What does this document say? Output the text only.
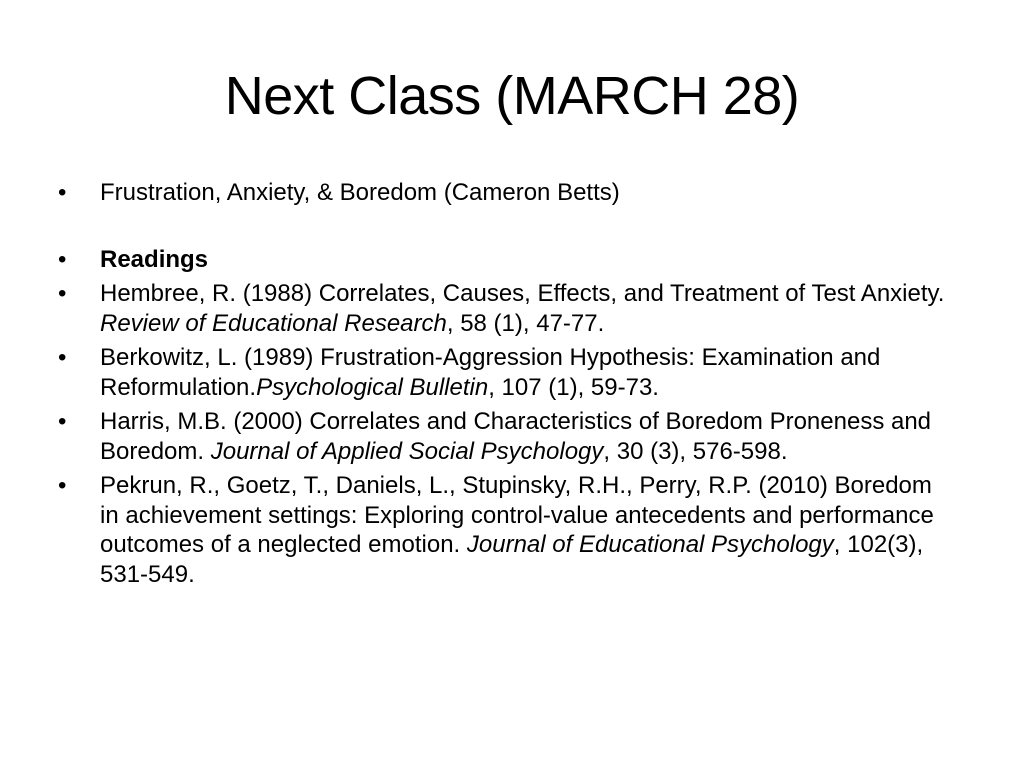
Next Class (MARCH 28)
•	Frustration, Anxiety, & Boredom (Cameron Betts)
•	Readings
•	Hembree, R. (1988) Correlates, Causes, Effects, and Treatment of Test Anxiety. Review of Educational Research, 58 (1), 47-77.
•	Berkowitz, L. (1989) Frustration-Aggression Hypothesis: Examination and Reformulation.Psychological Bulletin, 107 (1), 59-73.
•	Harris, M.B. (2000) Correlates and Characteristics of Boredom Proneness and Boredom. Journal of Applied Social Psychology, 30 (3), 576-598.
•	Pekrun, R., Goetz, T., Daniels, L., Stupinsky, R.H., Perry, R.P. (2010) Boredom in achievement settings: Exploring control-value antecedents and performance outcomes of a neglected emotion. Journal of Educational Psychology, 102(3), 531-549.
